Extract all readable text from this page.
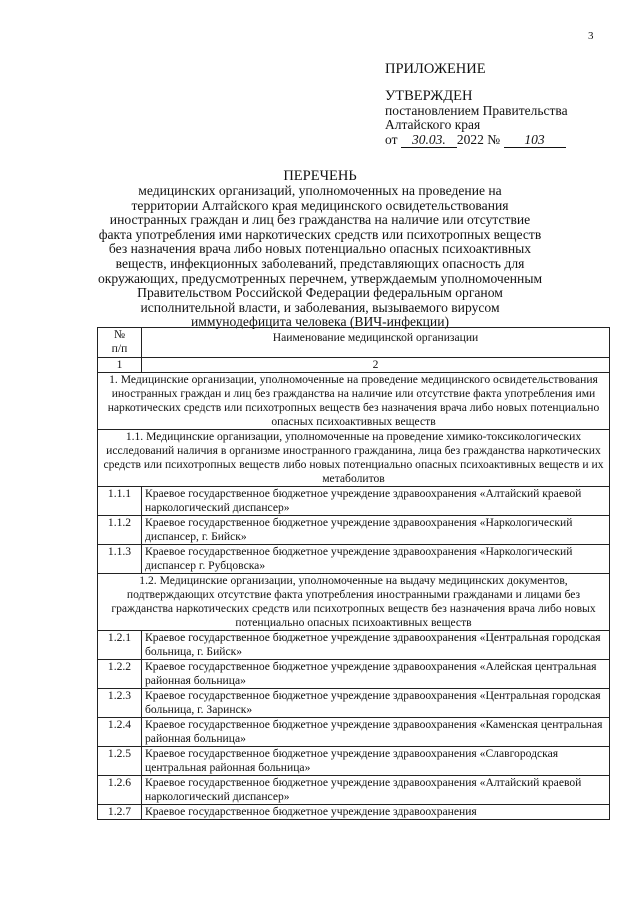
3
ПРИЛОЖЕНИЕ
УТВЕРЖДЕН
постановлением Правительства
Алтайского края
от 30.03. 2022 № 103
ПЕРЕЧЕНЬ
медицинских организаций, уполномоченных на проведение на
территории Алтайского края медицинского освидетельствования
иностранных граждан и лиц без гражданства на наличие или отсутствие
факта употребления ими наркотических средств или психотропных веществ
без назначения врача либо новых потенциально опасных психоактивных
веществ, инфекционных заболеваний, представляющих опасность для
окружающих, предусмотренных перечнем, утверждаемым уполномоченным
Правительством Российской Федерации федеральным органом
исполнительной власти, и заболевания, вызываемого вирусом
иммунодефицита человека (ВИЧ-инфекции)
№
п/п	Наименование медицинской организации
1	2
1. Медицинские организации, уполномоченные на проведение медицинского освидетельствования иностранных граждан и лиц без гражданства на наличие или отсутствие факта употребления ими наркотических средств или психотропных веществ без назначения врача либо новых потенциально опасных психоактивных веществ	
1.1. Медицинские организации, уполномоченные на проведение химико-токсикологических исследований наличия в организме иностранного гражданина, лица без гражданства наркотических средств или психотропных веществ либо новых потенциально опасных психоактивных веществ и их метаболитов	
1.1.1	Краевое государственное бюджетное учреждение здравоохранения «Алтайский краевой наркологический диспансер»
1.1.2	Краевое государственное бюджетное учреждение здравоохранения «Наркологический диспансер, г. Бийск»
1.1.3	Краевое государственное бюджетное учреждение здравоохранения «Наркологический диспансер г. Рубцовска»
1.2. Медицинские организации, уполномоченные на выдачу медицинских документов, подтверждающих отсутствие факта употребления иностранными гражданами и лицами без гражданства наркотических средств или психотропных веществ без назначения врача либо новых потенциально опасных психоактивных веществ	
1.2.1	Краевое государственное бюджетное учреждение здравоохранения «Центральная городская больница, г. Бийск»
1.2.2	Краевое государственное бюджетное учреждение здравоохранения «Алейская центральная районная больница»
1.2.3	Краевое государственное бюджетное учреждение здравоохранения «Центральная городская больница, г. Заринск»
1.2.4	Краевое государственное бюджетное учреждение здравоохранения «Каменская центральная районная больница»
1.2.5	Краевое государственное бюджетное учреждение здравоохранения «Славгородская центральная районная больница»
1.2.6	Краевое государственное бюджетное учреждение здравоохранения «Алтайский краевой наркологический диспансер»
1.2.7	Краевое государственное бюджетное учреждение здравоохранения
